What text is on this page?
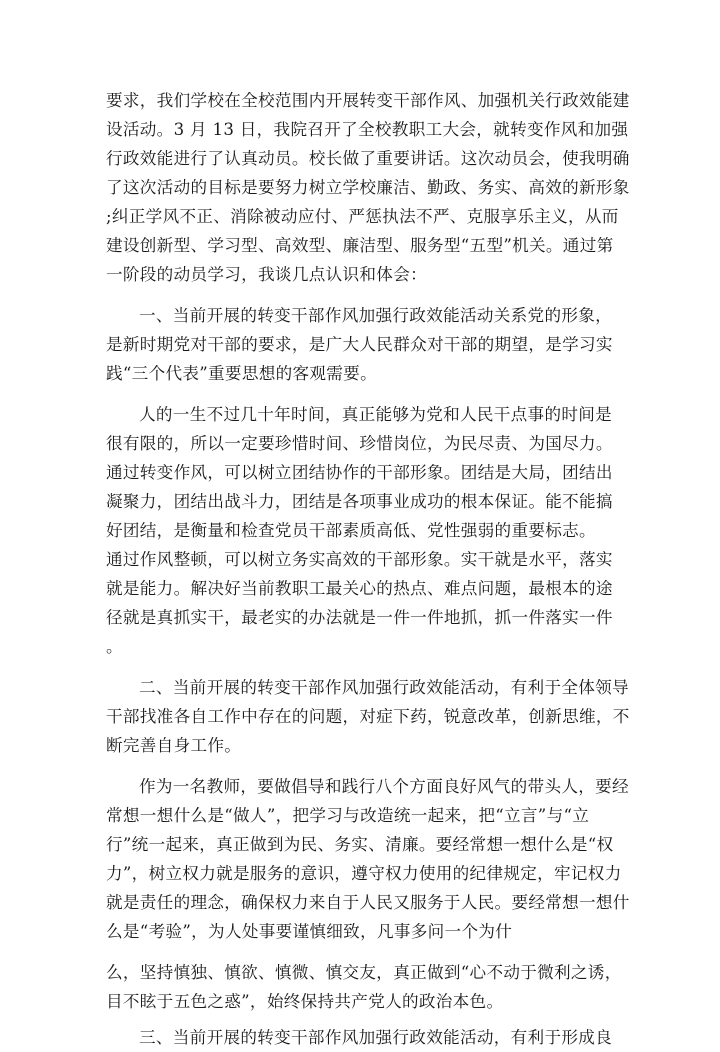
要求，我们学校在全校范围内开展转变干部作风、加强机关行政效能建
设活动。3 月 13 日，我院召开了全校教职工大会，就转变作风和加强
行政效能进行了认真动员。校长做了重要讲话。这次动员会，使我明确
了这次活动的目标是要努力树立学校廉洁、勤政、务实、高效的新形象
;纠正学风不正、消除被动应付、严惩执法不严、克服享乐主义，从而
建设创新型、学习型、高效型、廉洁型、服务型“五型”机关。通过第
一阶段的动员学习，我谈几点认识和体会：
一、当前开展的转变干部作风加强行政效能活动关系党的形象，
是新时期党对干部的要求，是广大人民群众对干部的期望，是学习实
践“三个代表”重要思想的客观需要。
人的一生不过几十年时间，真正能够为党和人民干点事的时间是
很有限的，所以一定要珍惜时间、珍惜岗位，为民尽责、为国尽力。
通过转变作风，可以树立团结协作的干部形象。团结是大局，团结出
凝聚力，团结出战斗力，团结是各项事业成功的根本保证。能不能搞
好团结，是衡量和检查党员干部素质高低、党性强弱的重要标志。
通过作风整顿，可以树立务实高效的干部形象。实干就是水平，落实
就是能力。解决好当前教职工最关心的热点、难点问题，最根本的途
径就是真抓实干，最老实的办法就是一件一件地抓，抓一件落实一件
。
二、当前开展的转变干部作风加强行政效能活动，有利于全体领导
干部找准各自工作中存在的问题，对症下药，锐意改革，创新思维，不
断完善自身工作。
作为一名教师，要做倡导和践行八个方面良好风气的带头人，要经
常想一想什么是“做人”，把学习与改造统一起来，把“立言”与“立
行”统一起来，真正做到为民、务实、清廉。要经常想一想什么是“权
力”，树立权力就是服务的意识，遵守权力使用的纪律规定，牢记权力
就是责任的理念，确保权力来自于人民又服务于人民。要经常想一想什
么是“考验”，为人处事要谨慎细致，凡事多问一个为什
么，坚持慎独、慎欲、慎微、慎交友，真正做到“心不动于微利之诱，
目不眩于五色之惑”，始终保持共产党人的政治本色。
三、当前开展的转变干部作风加强行政效能活动，有利于形成良
